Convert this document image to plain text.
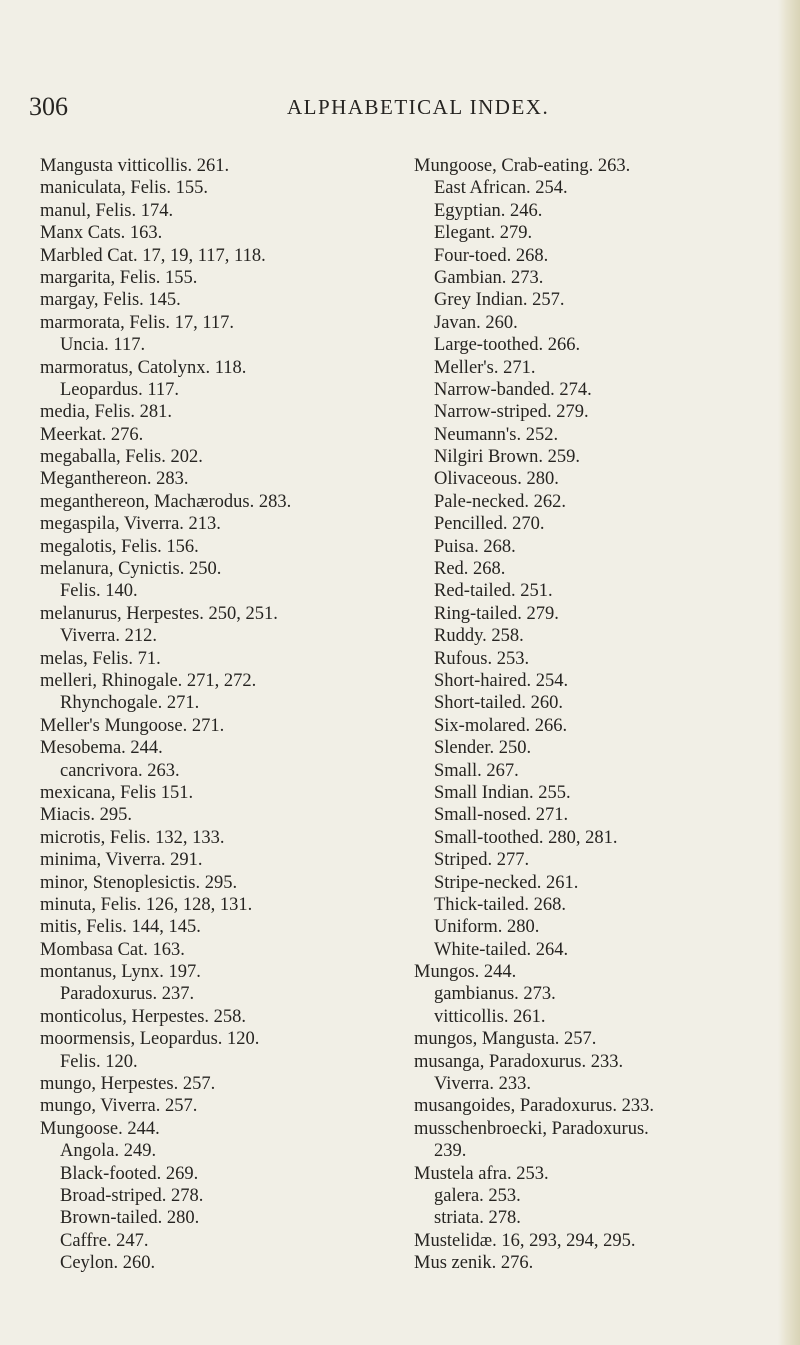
306	ALPHABETICAL INDEX.
Mangusta vitticollis. 261.
maniculata, Felis. 155.
manul, Felis. 174.
Manx Cats. 163.
Marbled Cat. 17, 19, 117, 118.
margarita, Felis. 155.
margay, Felis. 145.
marmorata, Felis. 17, 117.
Uncia. 117.
marmoratus, Catolynx. 118.
Leopardus. 117.
media, Felis. 281.
Meerkat. 276.
megaballa, Felis. 202.
Meganthereon. 283.
meganthereon, Machærodus. 283.
megaspila, Viverra. 213.
megalotis, Felis. 156.
melanura, Cynictis. 250.
Felis. 140.
melanurus, Herpestes. 250, 251.
Viverra. 212.
melas, Felis. 71.
melleri, Rhinogale. 271, 272.
Rhynchogale. 271.
Meller's Mungoose. 271.
Mesobema. 244.
cancrivora. 263.
mexicana, Felis 151.
Miacis. 295.
microtis, Felis. 132, 133.
minima, Viverra. 291.
minor, Stenoplesictis. 295.
minuta, Felis. 126, 128, 131.
mitis, Felis. 144, 145.
Mombasa Cat. 163.
montanus, Lynx. 197.
Paradoxurus. 237.
monticolus, Herpestes. 258.
moormensis, Leopardus. 120.
Felis. 120.
mungo, Herpestes. 257.
mungo, Viverra. 257.
Mungoose. 244.
Angola. 249.
Black-footed. 269.
Broad-striped. 278.
Brown-tailed. 280.
Caffre. 247.
Ceylon. 260.
Mungoose, Crab-eating. 263.
East African. 254.
Egyptian. 246.
Elegant. 279.
Four-toed. 268.
Gambian. 273.
Grey Indian. 257.
Javan. 260.
Large-toothed. 266.
Meller's. 271.
Narrow-banded. 274.
Narrow-striped. 279.
Neumann's. 252.
Nilgiri Brown. 259.
Olivaceous. 280.
Pale-necked. 262.
Pencilled. 270.
Puisa. 268.
Red. 268.
Red-tailed. 251.
Ring-tailed. 279.
Ruddy. 258.
Rufous. 253.
Short-haired. 254.
Short-tailed. 260.
Six-molared. 266.
Slender. 250.
Small. 267.
Small Indian. 255.
Small-nosed. 271.
Small-toothed. 280, 281.
Striped. 277.
Stripe-necked. 261.
Thick-tailed. 268.
Uniform. 280.
White-tailed. 264.
Mungos. 244.
gambianus. 273.
vitticollis. 261.
mungos, Mangusta. 257.
musanga, Paradoxurus. 233.
Viverra. 233.
musangoides, Paradoxurus. 233.
musschenbroecki, Paradoxurus.
239.
Mustela afra. 253.
galera. 253.
striata. 278.
Mustelidæ. 16, 293, 294, 295.
Mus zenik. 276.
